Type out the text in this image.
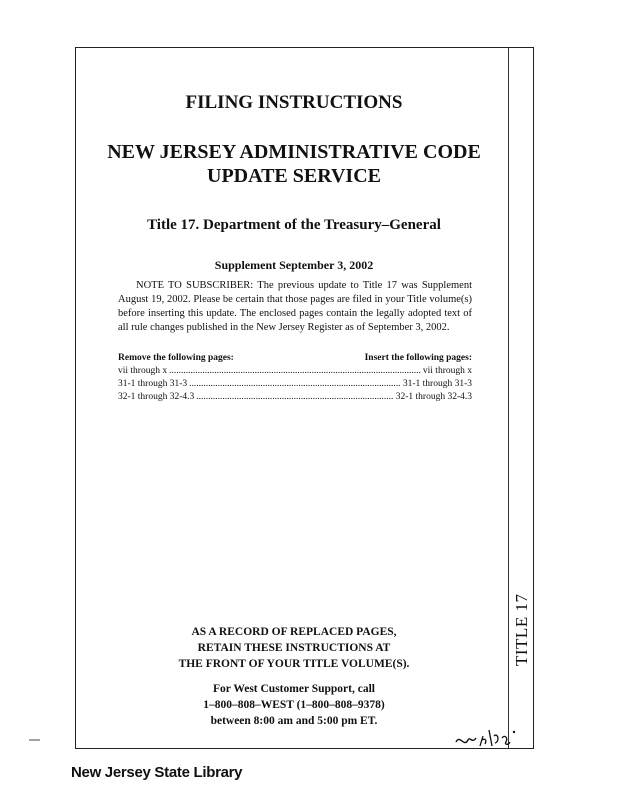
TITLE 17
FILING INSTRUCTIONS
NEW JERSEY ADMINISTRATIVE CODE
UPDATE SERVICE
Title 17. Department of the Treasury–General
Supplement September 3, 2002
NOTE TO SUBSCRIBER: The previous update to Title 17 was Supplement August 19, 2002. Please be certain that those pages are filed in your Title volume(s) before inserting this update. The enclosed pages contain the legally adopted text of all rule changes published in the New Jersey Register as of September 3, 2002.
Remove the following pages:	Insert the following pages:
vii through x .....	vii through x
31-1 through 31-3 .....	31-1 through 31-3
32-1 through 32-4.3 .....	32-1 through 32-4.3
AS A RECORD OF REPLACED PAGES,
RETAIN THESE INSTRUCTIONS AT
THE FRONT OF YOUR TITLE VOLUME(S).
For West Customer Support, call
1–800–808–WEST (1–800–808–9378)
between 8:00 am and 5:00 pm ET.
New Jersey State Library
